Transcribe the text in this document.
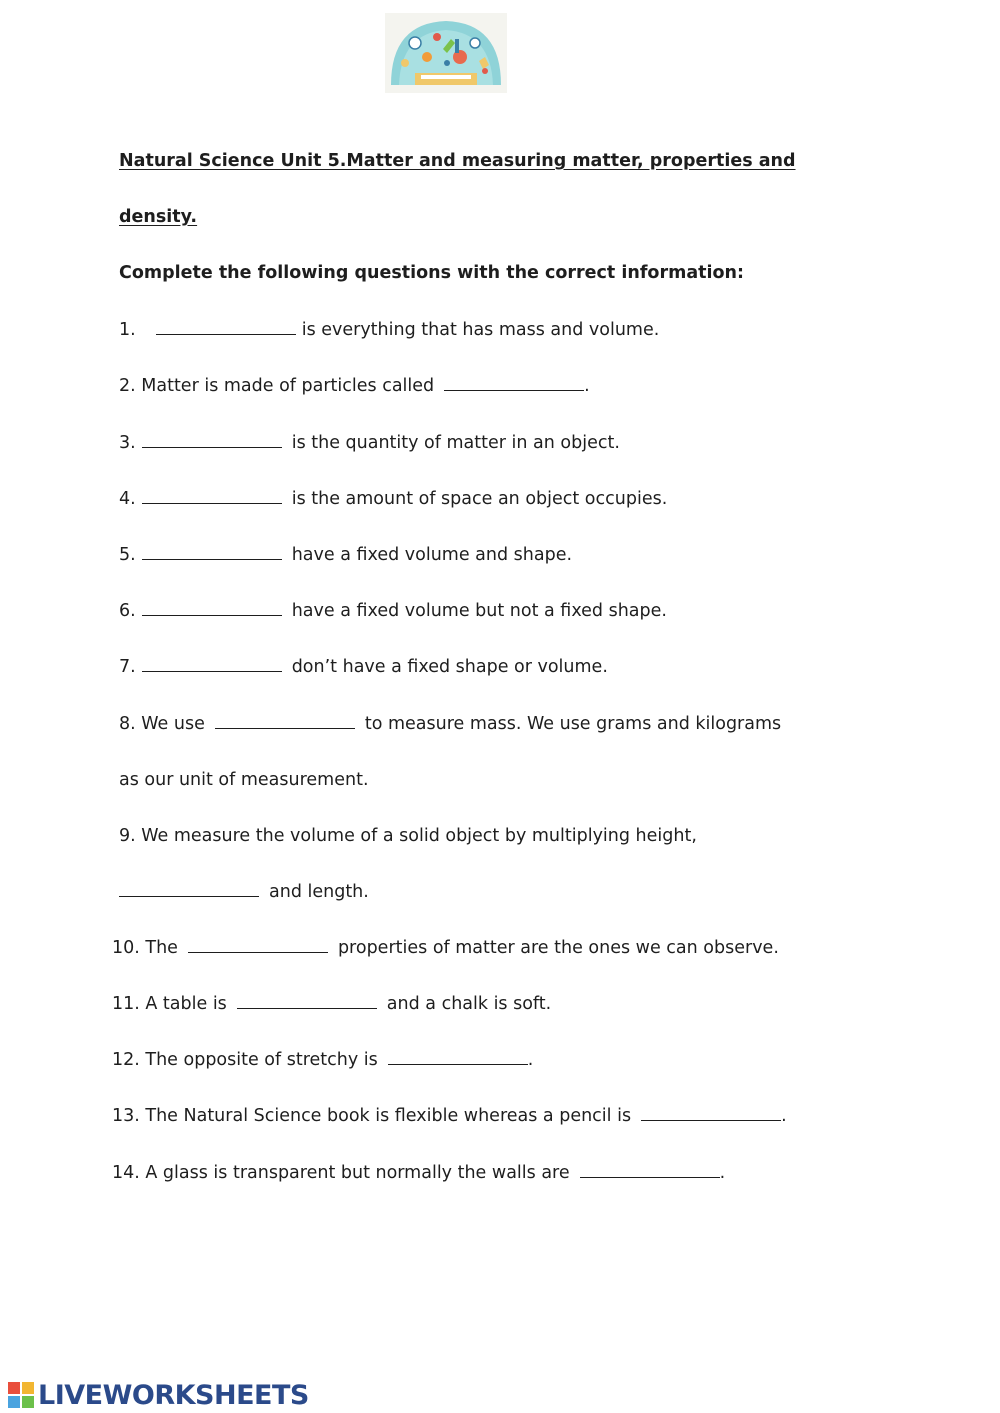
Natural Science Unit 5.Matter and measuring matter, properties and
density.
Complete the following questions with the correct information:
1.	is everything that has mass and volume.
2. Matter is made of particles called	.
3.	is the quantity of matter in an object.
4.	is the amount of space an object occupies.
5.	have a fixed volume and shape.
6.	have a fixed volume but not a fixed shape.
7.	don’t have a fixed shape or volume.
8. We use	to measure mass. We use grams and kilograms
as our unit of measurement.
9. We measure the volume of a solid object by multiplying height,
and length.
10. The	properties of matter are the ones we can observe.
11. A table is	and a chalk is soft.
12. The opposite of stretchy is	.
13. The Natural Science book is flexible whereas a pencil is	.
14. A glass is transparent but normally the walls are	.
LIVEWORKSHEETS
